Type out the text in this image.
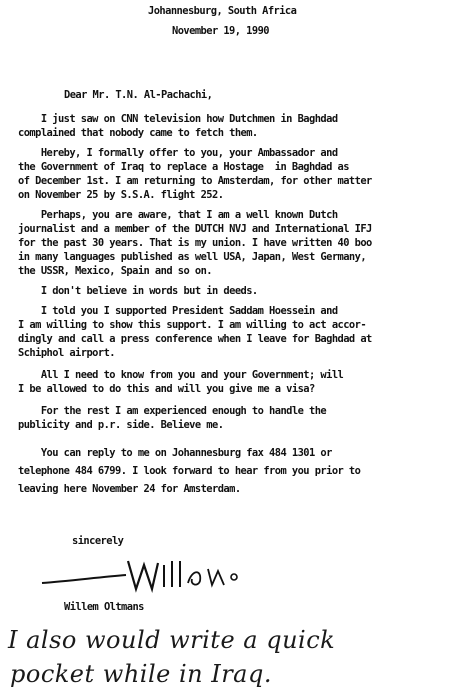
Johannesburg, South Africa

November 19, 1990

Dear Mr. T.N. Al-Pachachi,

I just saw on CNN television how Dutchmen in Baghdad

complained that nobody came to fetch them.

Hereby, I formally offer to you, your Ambassador and

the Government of Iraq to replace a Hostage  in Baghdad as

of December 1st. I am returning to Amsterdam, for other matter

on November 25 by S.S.A. flight 252.

Perhaps, you are aware, that I am a well known Dutch

journalist and a member of the DUTCH NVJ and International IFJ

for the past 30 years. That is my union. I have written 40 boo

in many languages published as well USA, Japan, West Germany,

the USSR, Mexico, Spain and so on.

I don't believe in words but in deeds.

I told you I supported President Saddam Hoessein and

I am willing to show this support. I am willing to act accor-

dingly and call a press conference when I leave for Baghdad at

Schiphol airport.

All I need to know from you and your Government; will

I be allowed to do this and will you give me a visa?

For the rest I am experienced enough to handle the

publicity and p.r. side. Believe me.

You can reply to me on Johannesburg fax 484 1301 or

telephone 484 6799. I look forward to hear from you prior to

leaving here November 24 for Amsterdam.

sincerely

Willem Oltmans

I also would write a quick
pocket while in Iraq.
